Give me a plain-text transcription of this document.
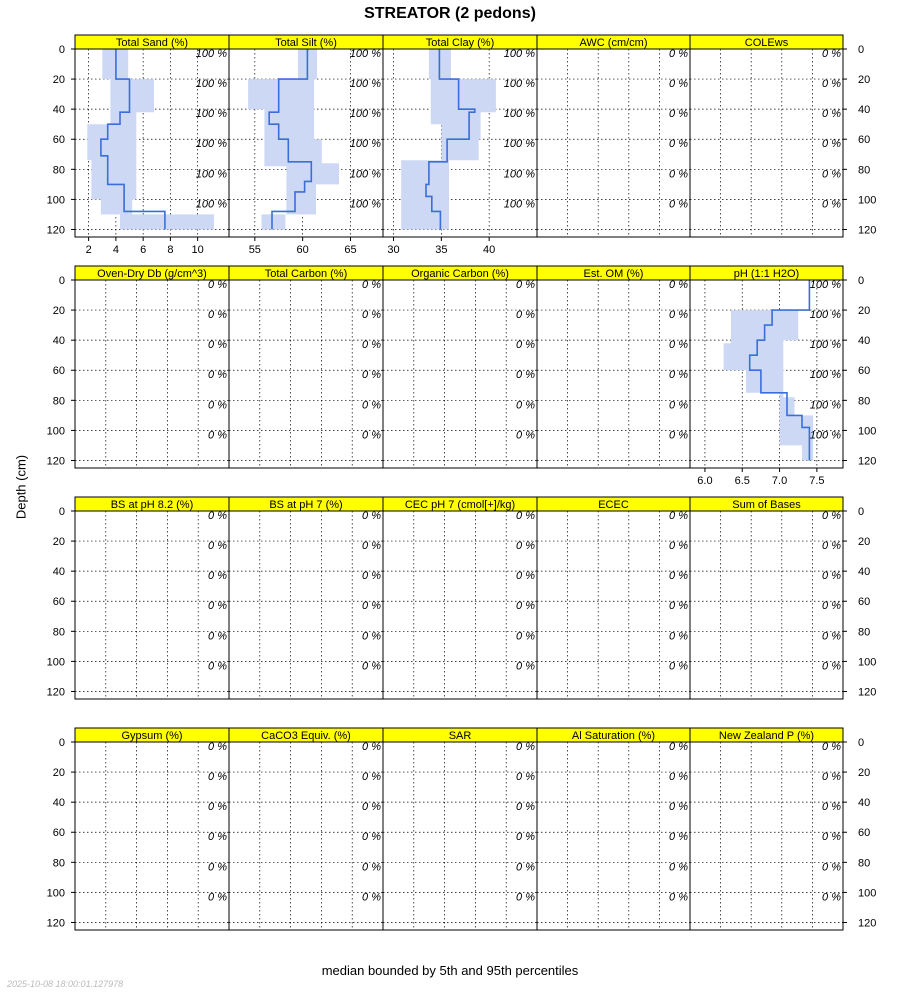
STREATOR (2 pedons)
Depth (cm)
Total Sand (%)
100 %
100 %
100 %
100 %
100 %
100 %
2 4 6 8 10
0
20
40
60
80
100
120
Total Silt (%)
100 %
100 %
100 %
100 %
100 %
100 %
55	60	65
Total Clay (%)
100 %
100 %
100 %
100 %
100 %
100 %
30	35	40
AWC (cm/cm)
0 %
0 %
0 %
0 %
0 %
0 %
COLEws
0 %
0 %
0 %
0 %
0 %
0 %
0
20
40
60
80
100
120
Oven-Dry Db (g/cm^3)
0 %
0 %
0 %
0 %
0 %
0 %
0
20
40
60
80
100
120
Total Carbon (%)
0 %
0 %
0 %
0 %
0 %
0 %
Organic Carbon (%)
0 %
0 %
0 %
0 %
0 %
0 %
Est. OM (%)
0 %
0 %
0 %
0 %
0 %
0 %
pH (1:1 H2O)
100 %
100 %
100 %
100 %
100 %
100 %
6.0 6.5 7.0 7.5
0
20
40
60
80
100
120
BS at pH 8.2 (%)
0 %
0 %
0 %
0 %
0 %
0 %
0
20
40
60
80
100
120
BS at pH 7 (%)
0 %
0 %
0 %
0 %
0 %
0 %
CEC pH 7 (cmol[+]/kg)
0 %
0 %
0 %
0 %
0 %
0 %
ECEC
0 %
0 %
0 %
0 %
0 %
0 %
Sum of Bases
0 %
0 %
0 %
0 %
0 %
0 %
0
20
40
60
80
100
120
Gypsum (%)
0 %
0 %
0 %
0 %
0 %
0 %
0
20
40
60
80
100
120
CaCO3 Equiv. (%)
0 %
0 %
0 %
0 %
0 %
0 %
SAR
0 %
0 %
0 %
0 %
0 %
0 %
Al Saturation (%)
0 %
0 %
0 %
0 %
0 %
0 %
New Zealand P (%)
0 %
0 %
0 %
0 %
0 %
0 %
0
20
40
60
80
100
120
median bounded by 5th and 95th percentiles
2025-10-08 18:00:01.127978
